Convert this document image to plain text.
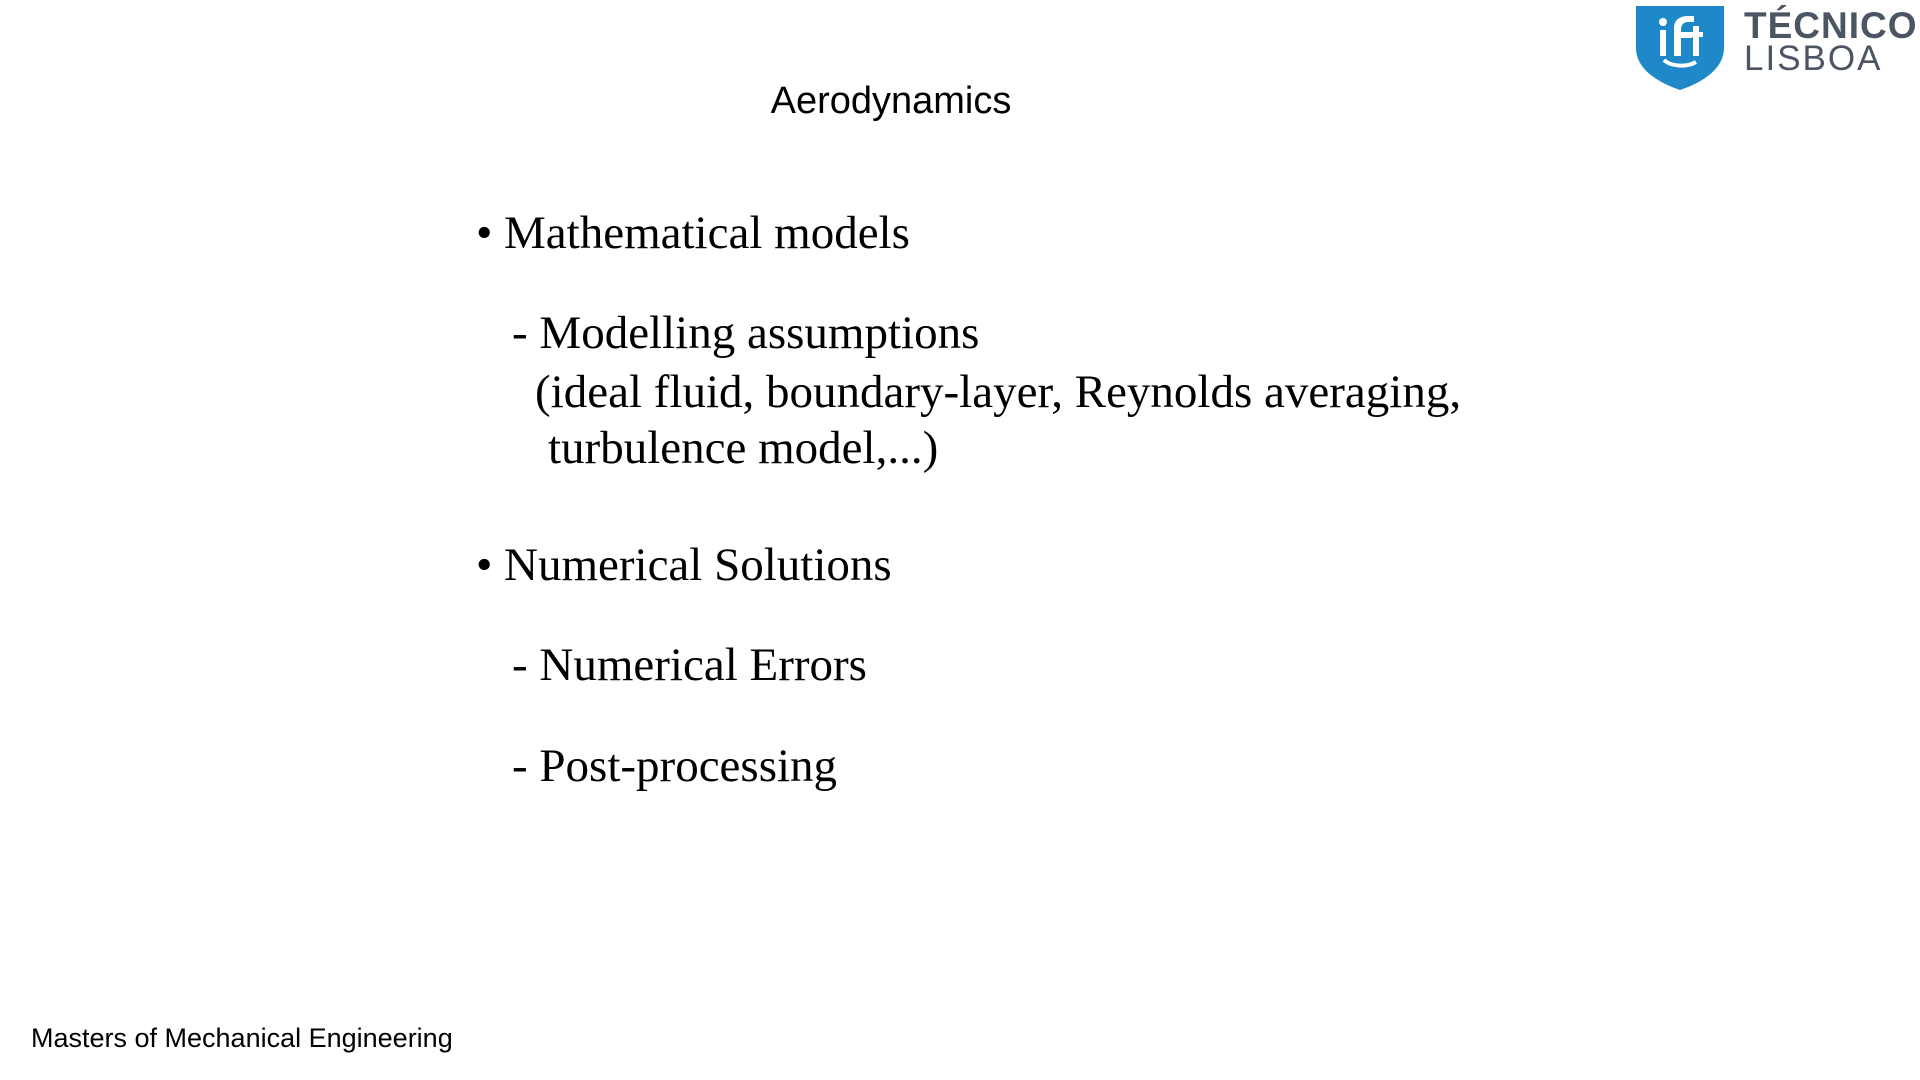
TÉCNICO
LISBOA
Aerodynamics
• Mathematical models
- Modelling assumptions
(ideal fluid, boundary-layer, Reynolds averaging,
turbulence model,...)
• Numerical Solutions
- Numerical Errors
- Post-processing
Masters of Mechanical Engineering
